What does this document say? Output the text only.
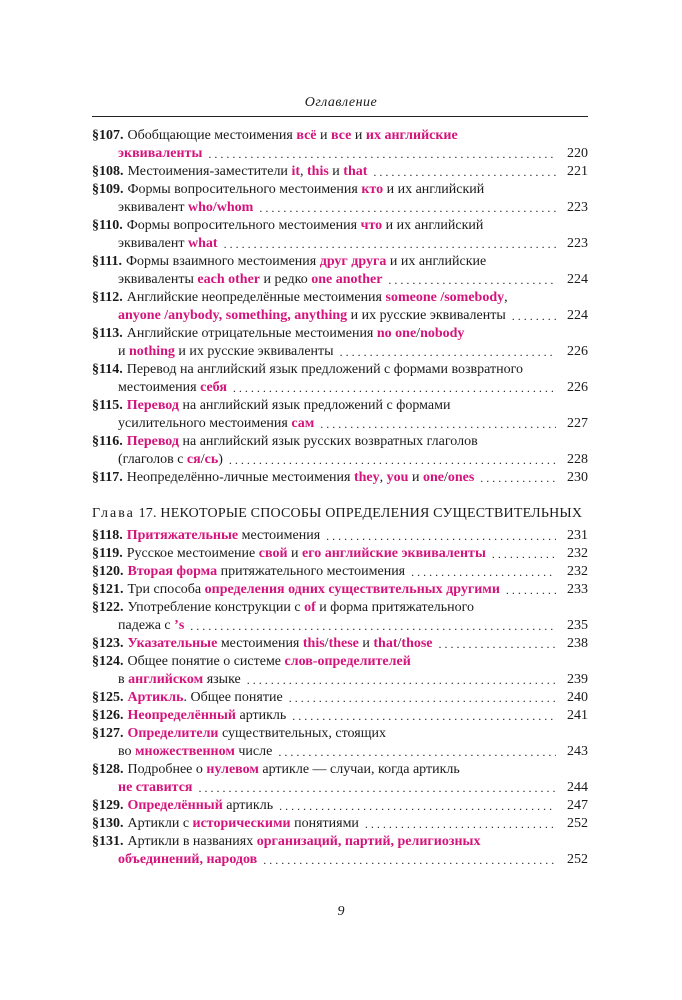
Оглавление
§107. Обобщающие местоимения всё и все и их английские
эквиваленты . . .	220
§108. Местоимения-заместители it, this и that . . .	221
§109. Формы вопросительного местоимения кто и их английский
эквивалент who/whom . . .	223
§110. Формы вопросительного местоимения что и их английский
эквивалент what . . .	223
§111. Формы взаимного местоимения друг друга и их английские
эквиваленты each other и редко one another . . .	224
§112. Английские неопределённые местоимения someone /somebody,
anyone /anybody, something, anything и их русские эквиваленты . . .	224
§113. Английские отрицательные местоимения no one/nobody
и nothing и их русские эквиваленты . . .	226
§114. Перевод на английский язык предложений с формами возвратного
местоимения себя . . .	226
§115. Перевод на английский язык предложений с формами
усилительного местоимения сам . . .	227
§116. Перевод на английский язык русских возвратных глаголов
(глаголов с ся/сь) . . .	228
§117. Неопределённо-личные местоимения they, you и one/ones . . .	230
Глава 17. НЕКОТОРЫЕ СПОСОБЫ ОПРЕДЕЛЕНИЯ СУЩЕСТВИТЕЛЬНЫХ
§118. Притяжательные местоимения . . .	231
§119. Русское местоимение свой и его английские эквиваленты . . .	232
§120. Вторая форма притяжательного местоимения . . .	232
§121. Три способа определения одних существительных другими . . .	233
§122. Употребление конструкции с of и форма притяжательного
падежа с ’s . . .	235
§123. Указательные местоимения this/these и that/those . . .	238
§124. Общее понятие о системе слов-определителей
в английском языке . . .	239
§125. Артикль. Общее понятие . . .	240
§126. Неопределённый артикль . . .	241
§127. Определители существительных, стоящих
во множественном числе . . .	243
§128. Подробнее о нулевом артикле — случаи, когда артикль
не ставится . . .	244
§129. Определённый артикль . . .	247
§130. Артикли с историческими понятиями . . .	252
§131. Артикли в названиях организаций, партий, религиозных
объединений, народов . . .	252
9
